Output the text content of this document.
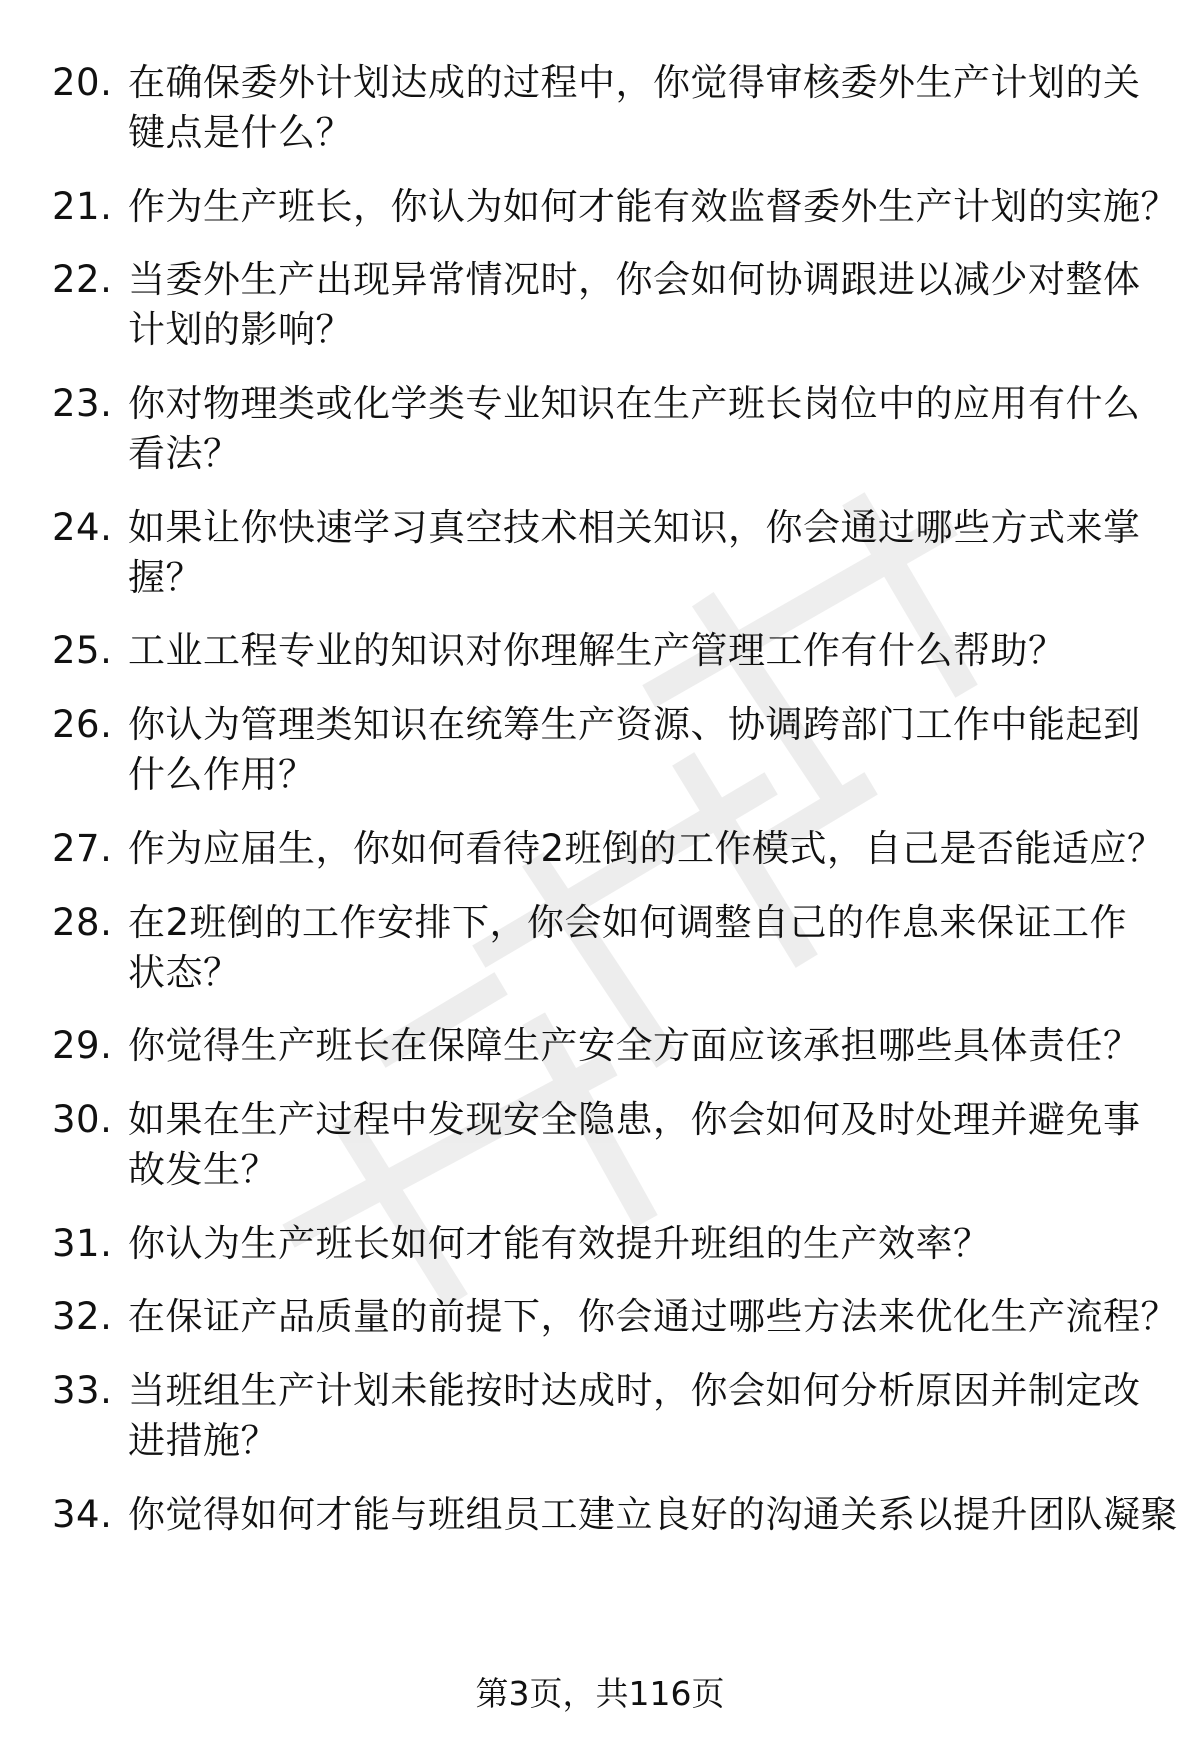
20. 在确保委外计划达成的过程中，你觉得审核委外生产计划的关键点是什么？
21. 作为生产班长，你认为如何才能有效监督委外生产计划的实施？
22. 当委外生产出现异常情况时，你会如何协调跟进以减少对整体计划的影响？
23. 你对物理类或化学类专业知识在生产班长岗位中的应用有什么看法？
24. 如果让你快速学习真空技术相关知识，你会通过哪些方式来掌握？
25. 工业工程专业的知识对你理解生产管理工作有什么帮助？
26. 你认为管理类知识在统筹生产资源、协调跨部门工作中能起到什么作用？
27. 作为应届生，你如何看待2班倒的工作模式，自己是否能适应？
28. 在2班倒的工作安排下，你会如何调整自己的作息来保证工作状态？
29. 你觉得生产班长在保障生产安全方面应该承担哪些具体责任？
30. 如果在生产过程中发现安全隐患，你会如何及时处理并避免事故发生？
31. 你认为生产班长如何才能有效提升班组的生产效率？
32. 在保证产品质量的前提下，你会通过哪些方法来优化生产流程？
33. 当班组生产计划未能按时达成时，你会如何分析原因并制定改进措施？
34. 你觉得如何才能与班组员工建立良好的沟通关系以提升团队凝聚
第3页，共116页
